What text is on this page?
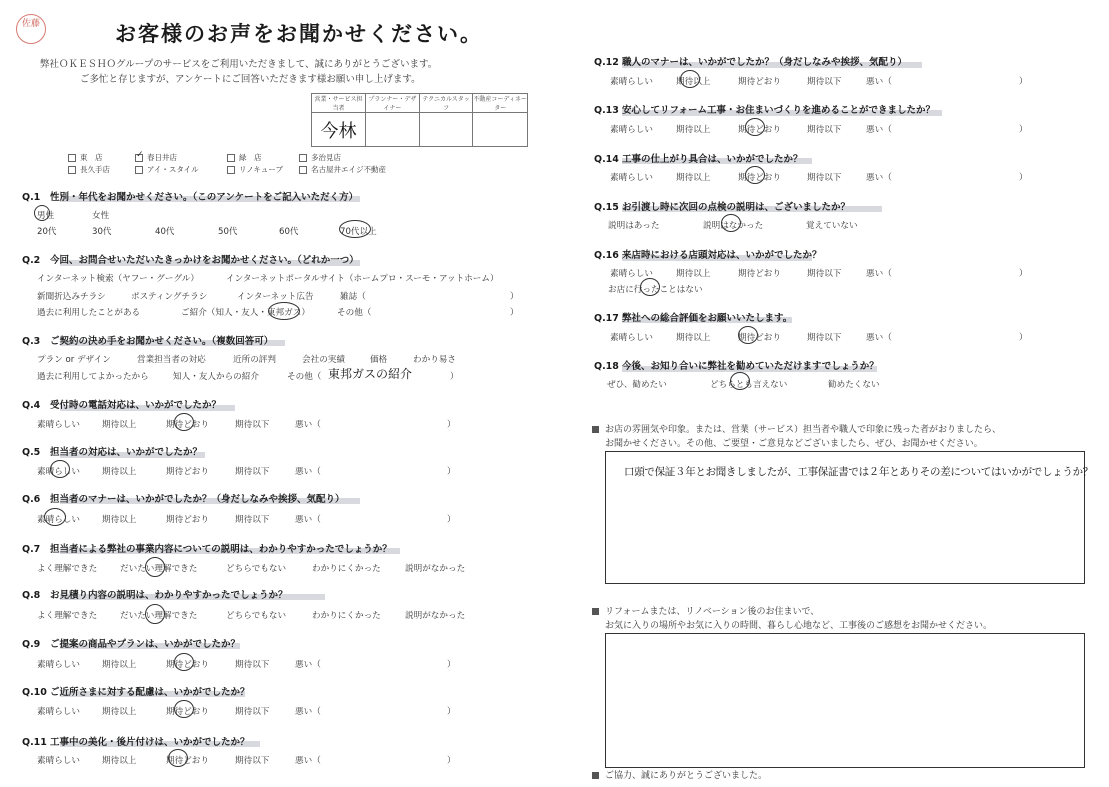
佐藤	お客様のお声をお聞かせください。
弊社ＯＫＥＳＨＯグループのサービスをご利用いただきまして、誠にありがとうございます。
ご多忙と存じますが、アンケートにご回答いただきます様お願い申し上げます。
営業・サービス担当者	プランナー・デザイナー	テクニカルスタッフ	不動産コーディネーター
今林			
東　店 ✓	春日井店	緑　店	多治見店
長久手店	アイ・スタイル	リノキューブ	名古屋井エイジ不動産
Q.1 性別・年代をお聞かせください。（このアンケートをご記入いただく方）
男性	女性
20代	30代	40代	50代	60代	70代以上
Q.2 今回、お問合せいただいたきっかけをお聞かせください。（どれか一つ）
インターネット検索（ヤフー・グーグル）	インターネットポータルサイト（ホームプロ・スーモ・アットホーム）
新聞折込みチラシ	ポスティングチラシ	インターネット広告	雑誌（	）
過去に利用したことがある	ご紹介（知人・友人・東邦ガス）	その他（	）
Q.3 ご契約の決め手をお聞かせください。（複数回答可）
プラン or デザイン	営業担当者の対応	近所の評判	会社の実績	価格	わかり易さ
過去に利用してよかったから	知人・友人からの紹介	その他（ 東邦ガスの紹介	）
Q.4 受付時の電話対応は、いかがでしたか？
素晴らしい	期待以上	期待どおり	期待以下	悪い（	）
Q.5 担当者の対応は、いかがでしたか？
素晴らしい	期待以上	期待どおり	期待以下	悪い（	）
Q.6 担当者のマナーは、いかがでしたか？（身だしなみや挨拶、気配り）
素晴らしい	期待以上	期待どおり	期待以下	悪い（	）
Q.7 担当者による弊社の事業内容についての説明は、わかりやすかったでしょうか？
よく理解できた	だいたい理解できた	どちらでもない	わかりにくかった	説明がなかった
Q.8 お見積り内容の説明は、わかりやすかったでしょうか？
よく理解できた	だいたい理解できた	どちらでもない	わかりにくかった	説明がなかった
Q.9 ご提案の商品やプランは、いかがでしたか？
素晴らしい	期待以上	期待どおり	期待以下	悪い（	）
Q.10 ご近所さまに対する配慮は、いかがでしたか？
素晴らしい	期待以上	期待どおり	期待以下	悪い（	）
Q.11 工事中の美化・後片付けは、いかがでしたか？
素晴らしい	期待以上	期待どおり	期待以下	悪い（	）
Q.12 職人のマナーは、いかがでしたか？（身だしなみや挨拶、気配り）
素晴らしい	期待以上	期待どおり	期待以下	悪い（	）
Q.13 安心してリフォーム工事・お住まいづくりを進めることができましたか？
素晴らしい	期待以上	期待どおり	期待以下	悪い（	）
Q.14 工事の仕上がり具合は、いかがでしたか？
素晴らしい	期待以上	期待どおり	期待以下	悪い（	）
Q.15 お引渡し時に次回の点検の説明は、ございましたか？
説明はあった	説明はなかった	覚えていない
Q.16 来店時における店頭対応は、いかがでしたか？
素晴らしい	期待以上	期待どおり	期待以下	悪い（	）
お店に行ったことはない
Q.17 弊社への総合評価をお願いいたします。
素晴らしい	期待以上	期待どおり	期待以下	悪い（	）
Q.18 今後、お知り合いに弊社を勧めていただけますでしょうか？
ぜひ、勧めたい	どちらとも言えない	勧めたくない
お店の雰囲気や印象。または、営業（サービス）担当者や職人で印象に残った者がおりましたら、
お聞かせください。その他、ご要望・ご意見などございましたら、ぜひ、お聞かせください。
口頭で保証３年とお聞きしましたが、工事保証書では２年とありその差についてはいかがでしょうか？
リフォームまたは、リノベーション後のお住まいで、
お気に入りの場所やお気に入りの時間、暮らし心地など、工事後のご感想をお聞かせください。
ご協力、誠にありがとうございました。
